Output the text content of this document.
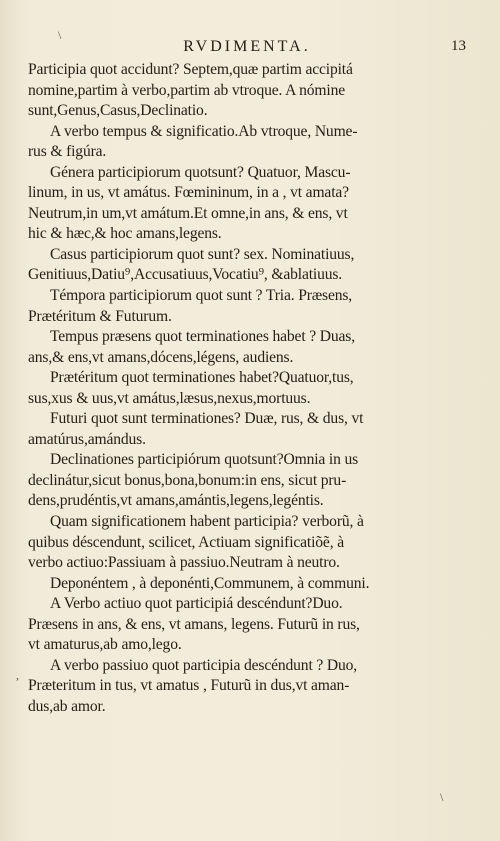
RVDIMENTA.	13
Participia quot accidunt? Septem,quæ partim accipitá
nomine,partim à verbo,partim ab vtroque. A nómine
sunt,Genus,Casus,Declinatio.
A verbo tempus & significatio.Ab vtroque, Nume-
rus & figúra.
Génera participiorum quotsunt? Quatuor, Mascu-
linum, in us, vt amátus. Fœmininum, in a , vt amata?
Neutrum,in um,vt amátum.Et omne,in ans, & ens, vt
hic & hæc,& hoc amans,legens.
Casus participiorum quot sunt? sex. Nominatiuus,
Genitiuus,Datiu⁹,Accusatiuus,Vocatiu⁹, &ablatiuus.
Témpora participiorum quot sunt ? Tria. Præsens,
Prætéritum & Futurum.
Tempus præsens quot terminationes habet ? Duas,
ans,& ens,vt amans,dócens,légens, audiens.
Prætéritum quot terminationes habet?Quatuor,tus,
sus,xus & uus,vt amátus,læsus,nexus,mortuus.
Futuri quot sunt terminationes? Duæ, rus, & dus, vt
amatúrus,amándus.
Declinationes participiórum quotsunt?Omnia in us
declinátur,sicut bonus,bona,bonum:in ens, sicut pru-
dens,prudéntis,vt amans,amántis,legens,legéntis.
Quam significationem habent participia? verborũ, à
quibus déscendunt, scilicet, Actiuam significatiõẽ, à
verbo actiuo:Passiuam à passiuo.Neutram à neutro.
Deponéntem , à deponénti,Communem, à communi.
A Verbo actiuo quot participiá descéndunt?Duo.
Præsens in ans, & ens, vt amans, legens. Futurũ in rus,
vt amaturus,ab amo,lego.
A verbo passiuo quot participia descéndunt ? Duo,
Præteritum in tus, vt amatus , Futurũ in dus,vt aman-
dus,ab amor.
\
\
,
